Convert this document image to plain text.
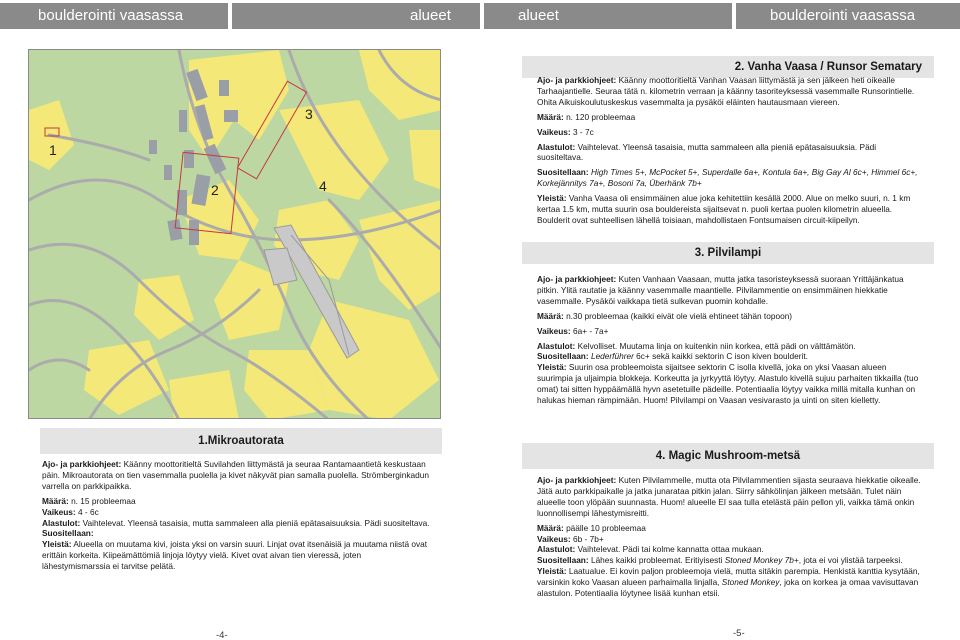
boulderointi vaasassa	alueet	alueet	boulderointi vaasassa
1
2
3
4
2. Vanha Vaasa / Runsor Sematary

Ajo- ja parkkiohjeet: Käänny moottoritieltä Vanhan Vaasan liittymästä ja sen jälkeen heti oikealle Tarhaajantielle. Seuraa tätä n. kilometrin verraan ja käänny tasoriteyksessä vasemmalle Runsorintielle. Ohita Aikuiskoulutuskeskus vasemmalta ja pysäköi eläinten hautausmaan viereen.

Määrä: n. 120 probleemaa

Vaikeus: 3 - 7c

Alastulot: Vaihtelevat. Yleensä tasaisia, mutta sammaleen alla pieniä epätasaisuuksia. Pädi suositeltava.

Suositellaan: High Times 5+, McPocket 5+, Superdalle 6a+, Kontula 6a+, Big Gay Al 6c+, Himmel 6c+, Korkejännitys 7a+, Bosoni 7a, Überhänk 7b+

Yleistä: Vanha Vaasa oli ensimmäinen alue joka kehitettiin kesällä 2000. Alue on melko suuri, n. 1 km kertaa 1.5 km, mutta suurin osa bouldereista sijaitsevat n. puoli kertaa puolen kilometrin alueella. Boulderit ovat suhteellisen lähellä toisiaan, mahdollistaen Fontsumaisen circuit-kiipeilyn.

3. Pilvilampi

Ajo- ja parkkiohjeet: Kuten Vanhaan Vaasaan, mutta jatka tasoristeyksessä suoraan Yrittäjänkatua pitkin. Ylitä rautatie ja käänny vasemmalle maantielle. Pilvilammentie on ensimmäinen hiekkatie vasemmalle. Pysäköi vaikkapa tietä sulkevan puomin kohdalle.

Määrä: n.30 probleemaa (kaikki eivät ole vielä ehtineet tähän topoon)

Vaikeus: 6a+ - 7a+

Alastulot: Kelvolliset. Muutama linja on kuitenkin niin korkea, että pädi on välttämätön.

Suositellaan: Lederführer 6c+ sekä kaikki sektorin C ison kiven boulderit.

Yleistä: Suurin osa probleemoista sijaitsee sektorin C isolla kivellä, joka on yksi Vaasan alueen suurimpia ja uljaimpia blokkeja. Korkeutta ja jyrkyyttä löytyy. Alastulo kivellä sujuu parhaiten tikkailla (tuo omat) tai sitten hyppäämällä hyvn asetetuille pädeille. Potentiaalia löytyy vaikka millä mitalla kunhan on halukas hieman rämpimään. Huom! Pilvilampi on Vaasan vesivarasto ja uinti on siten kielletty.

1.Mikroautorata

Ajo- ja parkkiohjeet: Käänny moottoritieltä Suvilahden liittymästä ja seuraa Rantamaantietä keskustaan päin. Mikroautorata on tien vasemmalla puolella ja kivet näkyvät pian samalla puolella. Strömberginkadun varrella on parkkipaikka.

Määrä: n. 15 probleemaa

Vaikeus: 4 - 6c

Alastulot: Vaihtelevat. Yleensä tasaisia, mutta sammaleen alla pieniä epätasaisuuksia. Pädi suositeltava.

Suositellaan:

Yleistä: Alueella on muutama kivi, joista yksi on varsin suuri. Linjat ovat itsenäisiä ja muutama niistä ovat erittäin korkeita. Kiipeämättömiä linjoja löytyy vielä. Kivet ovat aivan tien vieressä, joten lähestymismarssia ei tarvitse pelätä.

4. Magic Mushroom-metsä

Ajo- ja parkkiohjeet: Kuten Pilvilammelle, mutta ota Pilvilammentien sijasta seuraava hiekkatie oikealle. Jätä auto parkkipaikalle ja jatka junarataa pitkin jalan. Siirry sähkölinjan jälkeen metsään. Tulet näin alueelle toon ylöpään suunnasta. Huom! alueelle EI saa tulla etelästä päin pellon yli, vaikka tämä onkin luonnollisempi lähestymisreitti.

Määrä: päälle 10 probleemaa

Vaikeus: 6b - 7b+

Alastulot: Vaihtelevat. Pädi tai kolme kannatta ottaa mukaan.

Suositellaan: Lähes kaikki probleemat. Eritiyisesti Stoned Monkey 7b+, jota ei voi ylistää tarpeeksi.

Yleistä: Laatualue. Ei kovin paljon probleemoja vielä, mutta sitäkin parempia. Henkistä kanttia kysytään, varsinkin koko Vaasan alueen parhaimalla linjalla, Stoned Monkey, joka on korkea ja omaa vavisuttavan alastulon. Potentiaalia löytynee lisää kunhan etsii.

-4-	-5-
